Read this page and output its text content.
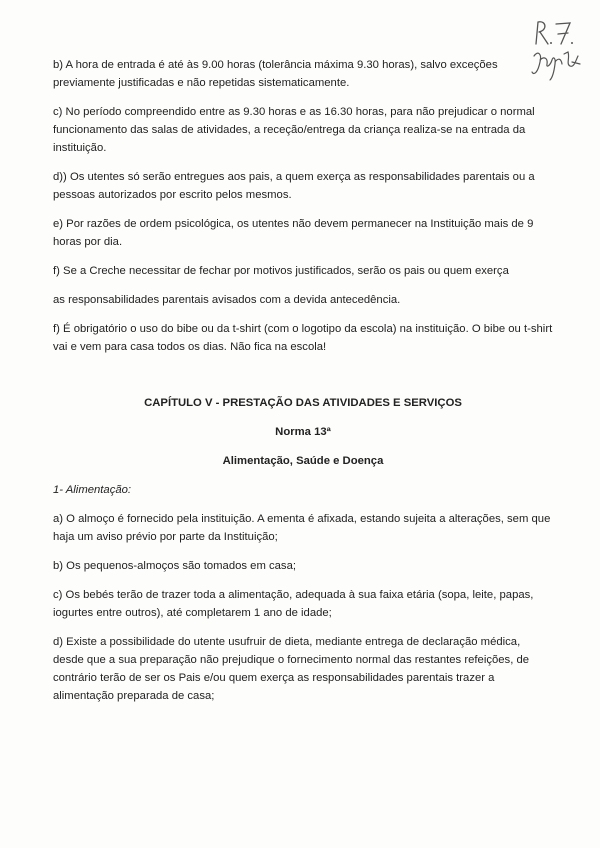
b) A hora de entrada é até às 9.00 horas (tolerância máxima 9.30 horas), salvo exceções previamente justificadas e não repetidas sistematicamente.

c) No período compreendido entre as 9.30 horas e as 16.30 horas, para não prejudicar o normal funcionamento das salas de atividades, a receção/entrega da criança realiza-se na entrada da instituição.

d)) Os utentes só serão entregues aos pais, a quem exerça as responsabilidades parentais ou a pessoas autorizados por escrito pelos mesmos.

e) Por razões de ordem psicológica, os utentes não devem permanecer na Instituição mais de 9 horas por dia.

f) Se a Creche necessitar de fechar por motivos justificados, serão os pais ou quem exerça

as responsabilidades parentais avisados com a devida antecedência.

f) É obrigatório o uso do bibe ou da t-shirt (com o logotipo da escola) na instituição. O bibe ou t-shirt vai e vem para casa todos os dias. Não fica na escola!

CAPÍTULO V - PRESTAÇÃO DAS ATIVIDADES E SERVIÇOS
Norma 13ª
Alimentação, Saúde e Doença
1- Alimentação:

a) O almoço é fornecido pela instituição. A ementa é afixada, estando sujeita a alterações, sem que haja um aviso prévio por parte da Instituição;

b) Os pequenos-almoços são tomados em casa;

c) Os bebés terão de trazer toda a alimentação, adequada à sua faixa etária (sopa, leite, papas, iogurtes entre outros), até completarem 1 ano de idade;

d) Existe a possibilidade do utente usufruir de dieta, mediante entrega de declaração médica, desde que a sua preparação não prejudique o fornecimento normal das restantes refeições, de contrário terão de ser os Pais e/ou quem exerça as responsabilidades parentais trazer a alimentação preparada de casa;
